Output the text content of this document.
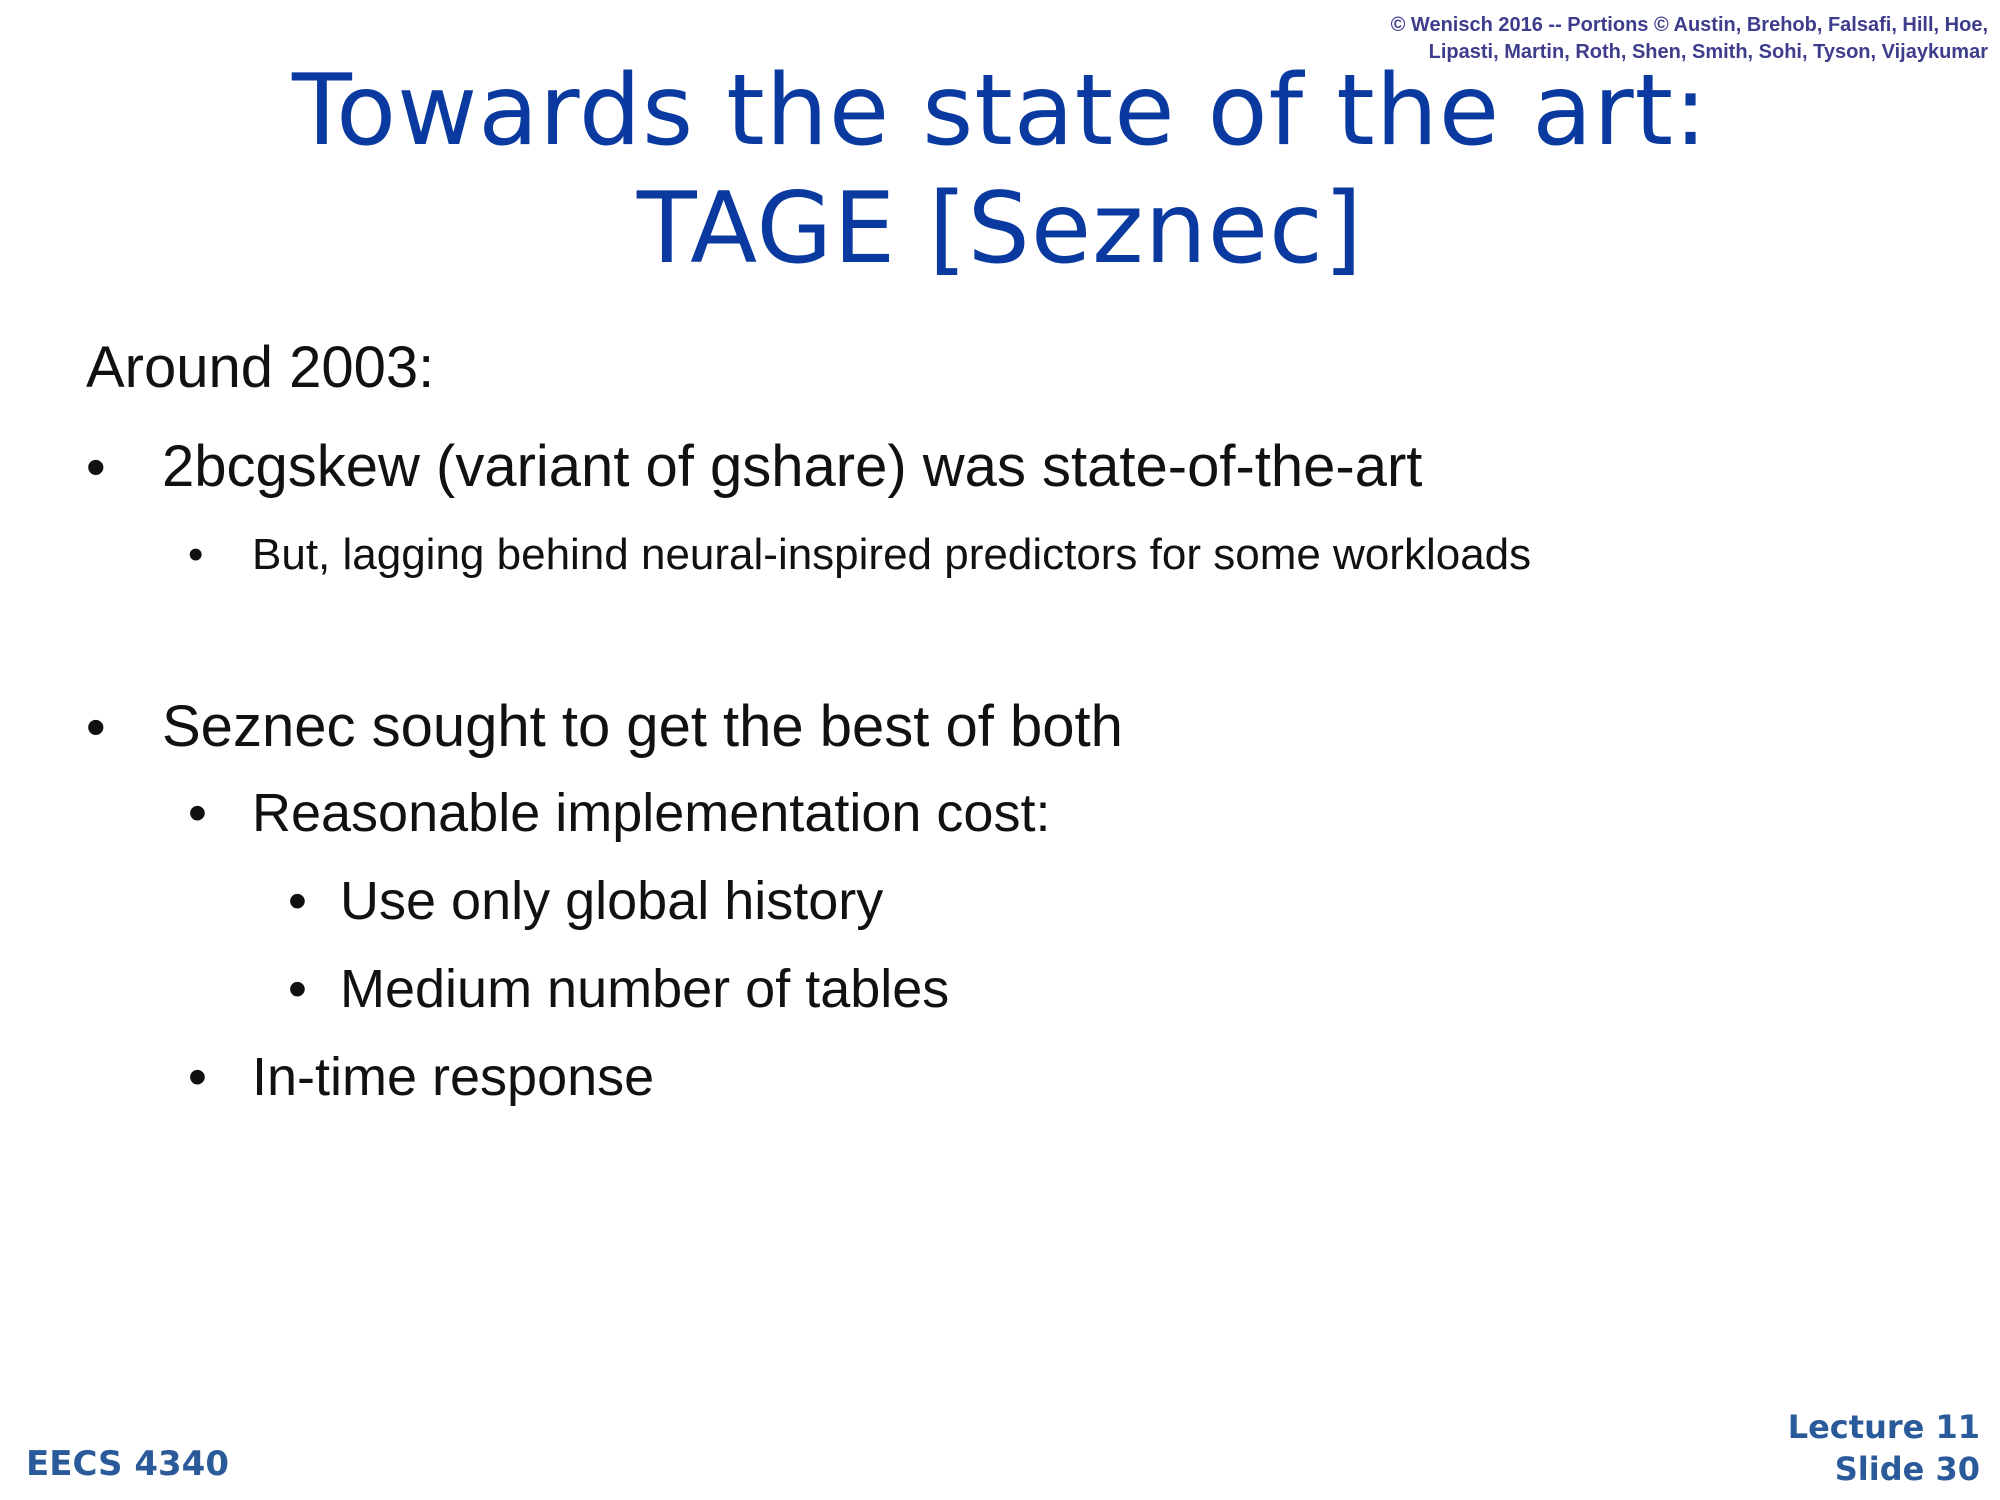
© Wenisch 2016 -- Portions © Austin, Brehob, Falsafi, Hill, Hoe,
Lipasti, Martin, Roth, Shen, Smith, Sohi, Tyson, Vijaykumar
Towards the state of the art:
TAGE [Seznec]
Around 2003:
• 2bcgskew (variant of gshare) was state-of-the-art
• But, lagging behind neural-inspired predictors for some workloads
• Seznec sought to get the best of both
• Reasonable implementation cost:
• Use only global history
• Medium number of tables
• In-time response
EECS 4340
Lecture 11
Slide 30
